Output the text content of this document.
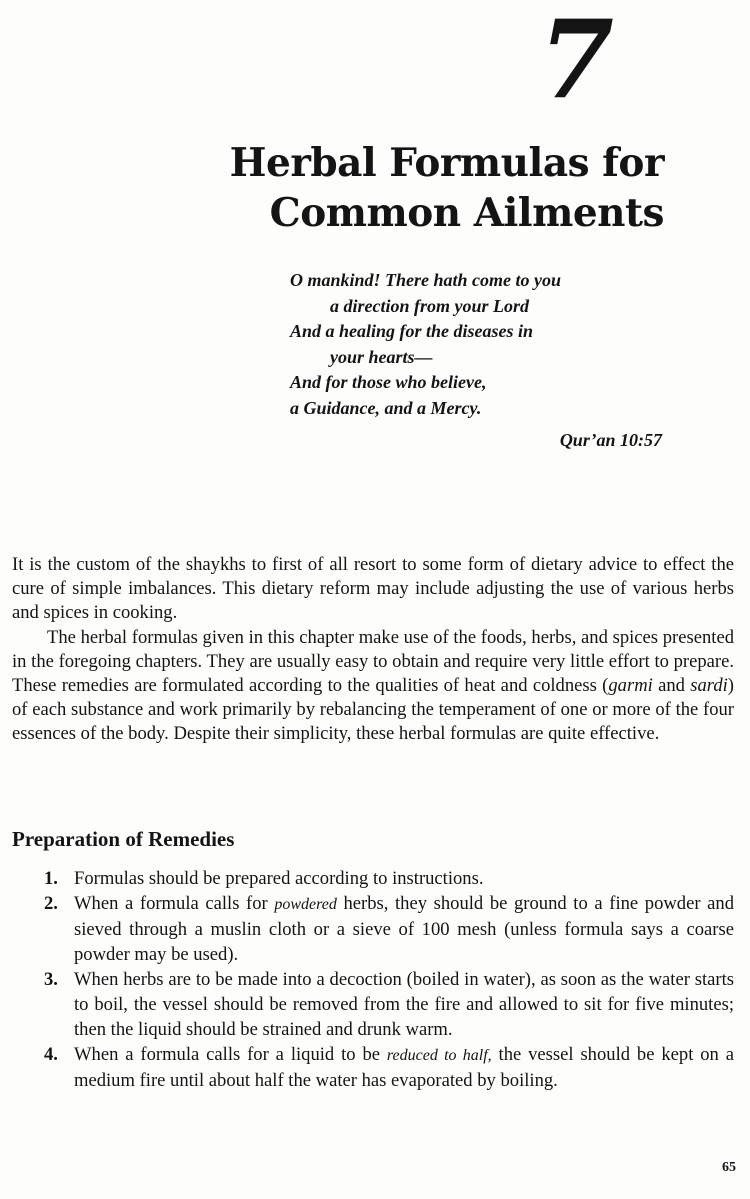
7
Herbal Formulas for
Common Ailments
O mankind! There hath come to you
a direction from your Lord
And a healing for the diseases in
your hearts—
And for those who believe,
a Guidance, and a Mercy.
Qur’an 10:57

It is the custom of the shaykhs to first of all resort to some form of dietary advice to effect the cure of simple imbalances. This dietary reform may include adjusting the use of various herbs and spices in cooking.

The herbal formulas given in this chapter make use of the foods, herbs, and spices presented in the foregoing chapters. They are usually easy to obtain and require very little effort to prepare. These remedies are formulated according to the qualities of heat and coldness (garmi and sardi) of each substance and work primarily by rebalancing the temperament of one or more of the four essences of the body. Despite their simplicity, these herbal formulas are quite effective.

Preparation of Remedies
1. Formulas should be prepared according to instructions.
2. When a formula calls for powdered herbs, they should be ground to a fine powder and sieved through a muslin cloth or a sieve of 100 mesh (unless formula says a coarse powder may be used).
3. When herbs are to be made into a decoction (boiled in water), as soon as the water starts to boil, the vessel should be removed from the fire and allowed to sit for five minutes; then the liquid should be strained and drunk warm.
4. When a formula calls for a liquid to be reduced to half, the vessel should be kept on a medium fire until about half the water has evaporated by boiling.
65
